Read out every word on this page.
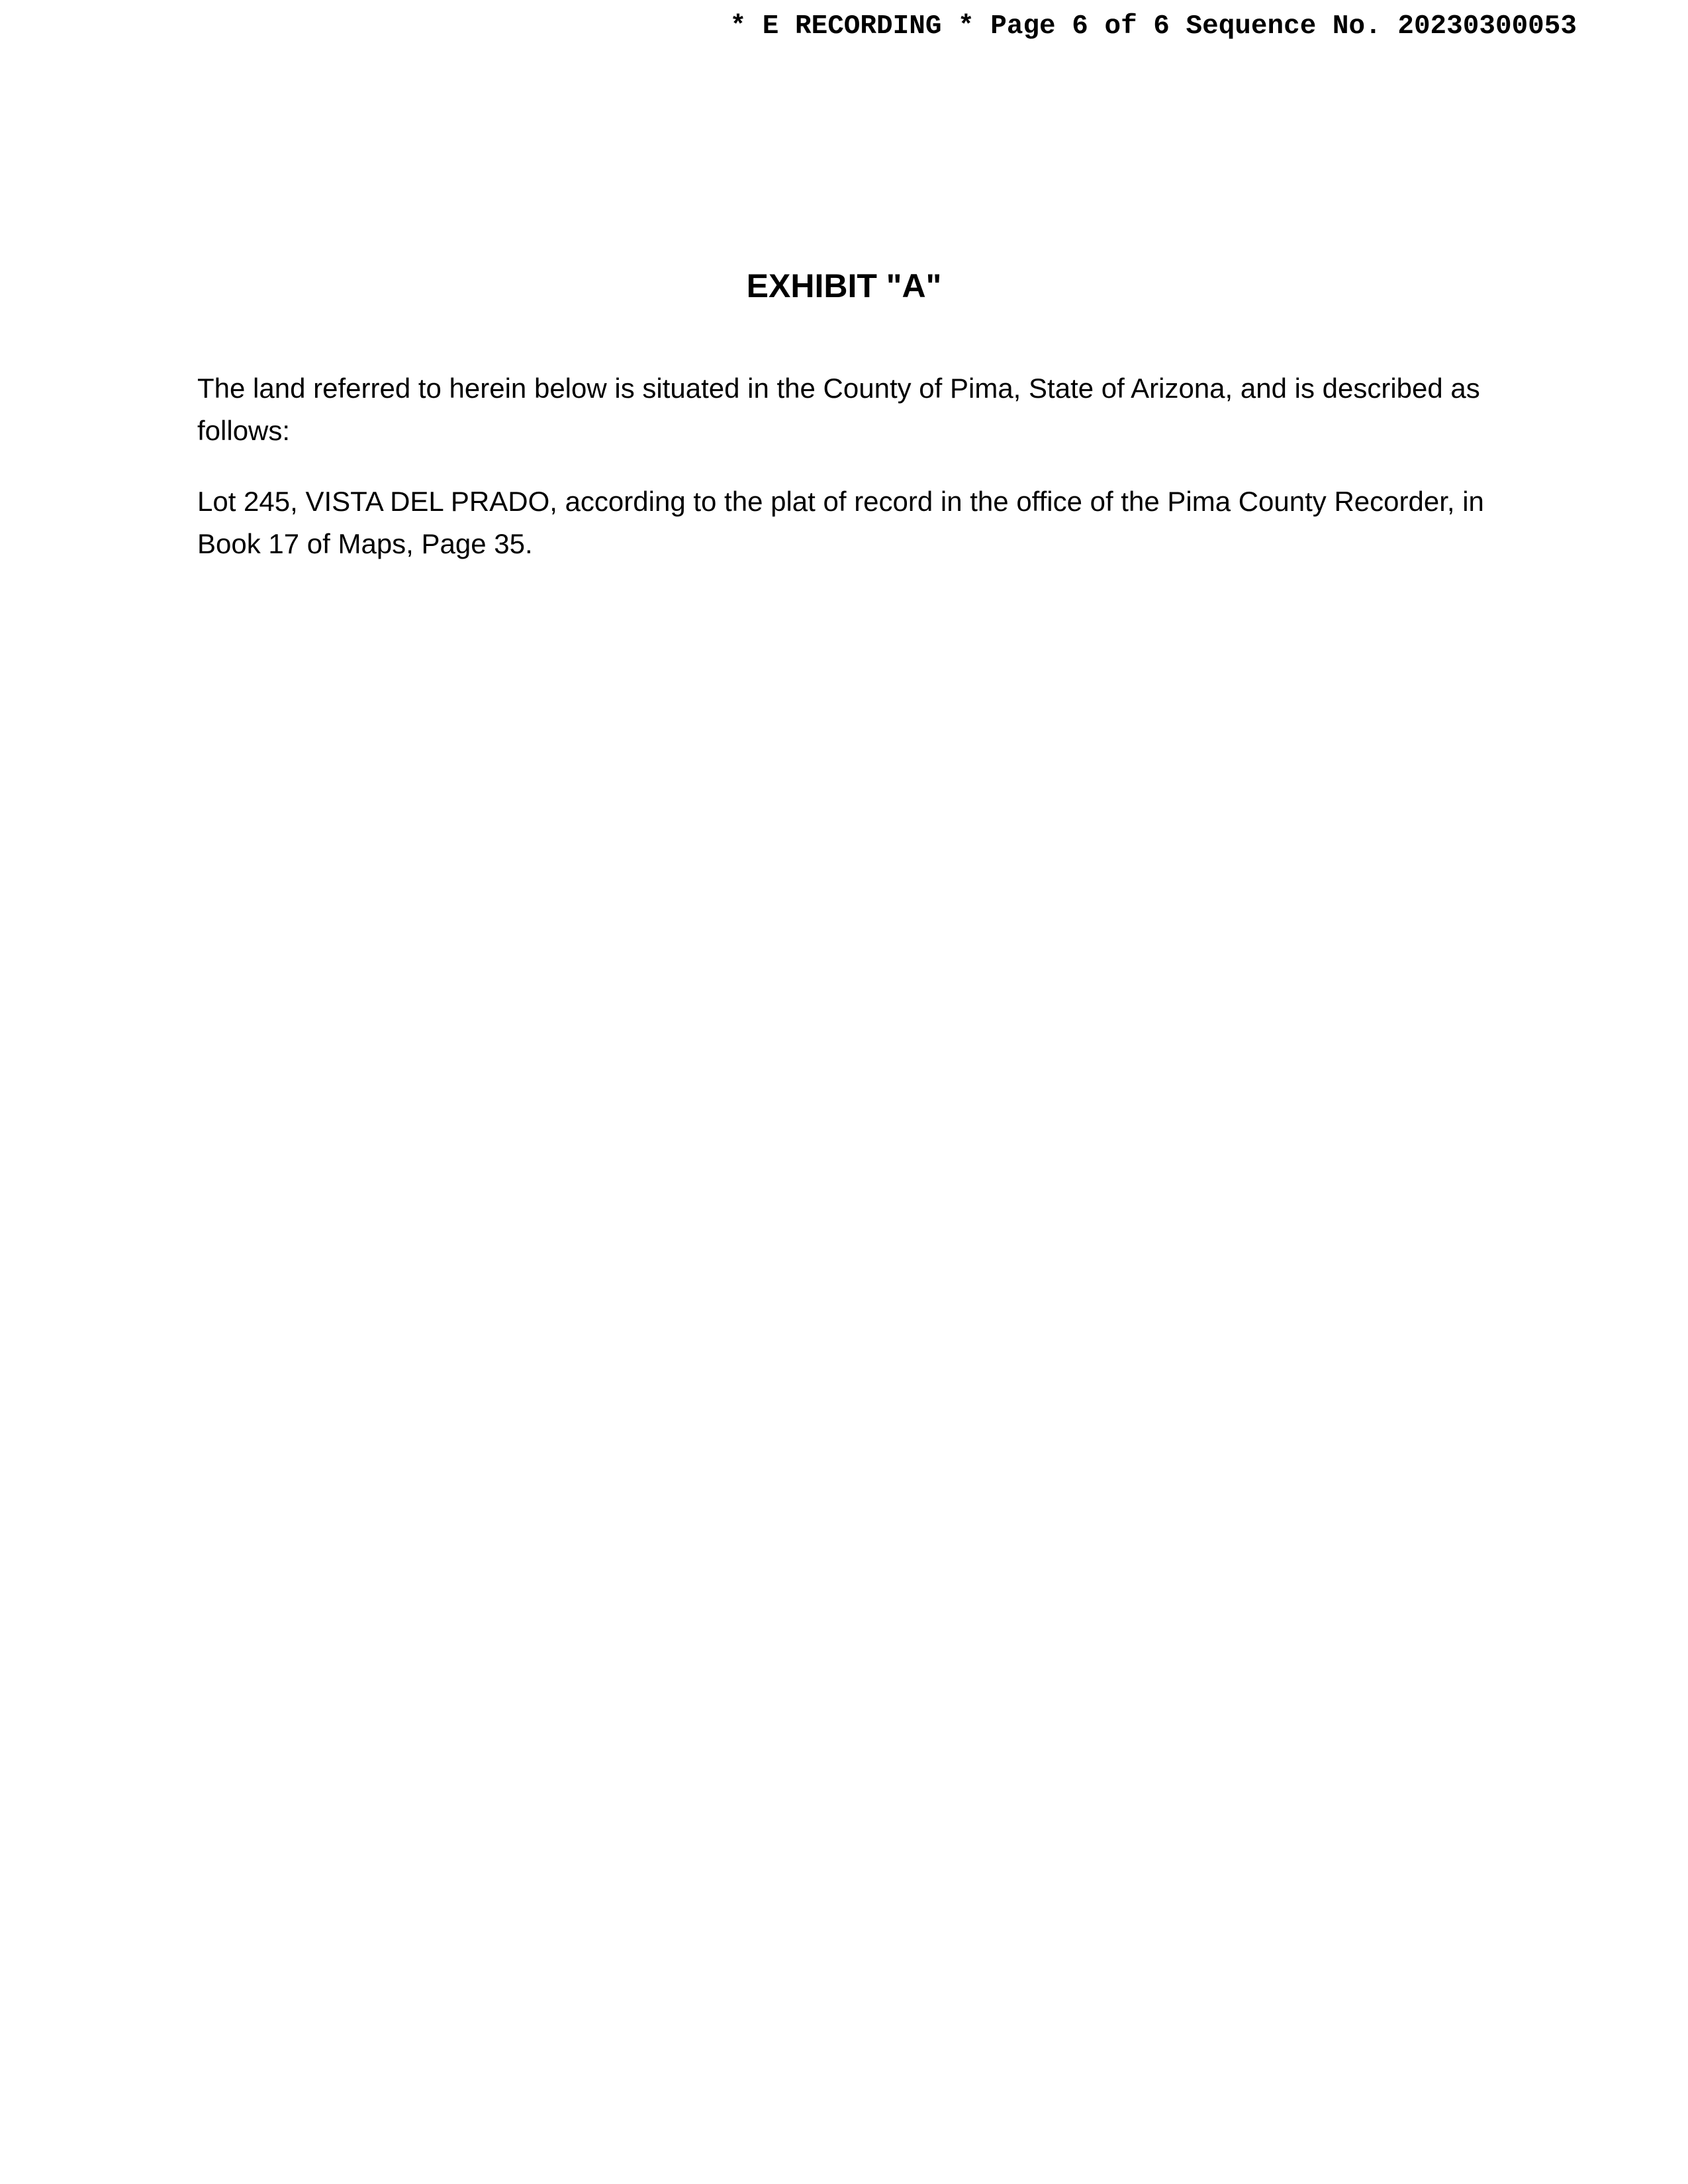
* E RECORDING * Page 6 of 6 Sequence No. 20230300053
EXHIBIT "A"

The land referred to herein below is situated in the County of Pima, State of Arizona, and is described as follows:

Lot 245, VISTA DEL PRADO, according to the plat of record in the office of the Pima County Recorder, in Book 17 of Maps, Page 35.
